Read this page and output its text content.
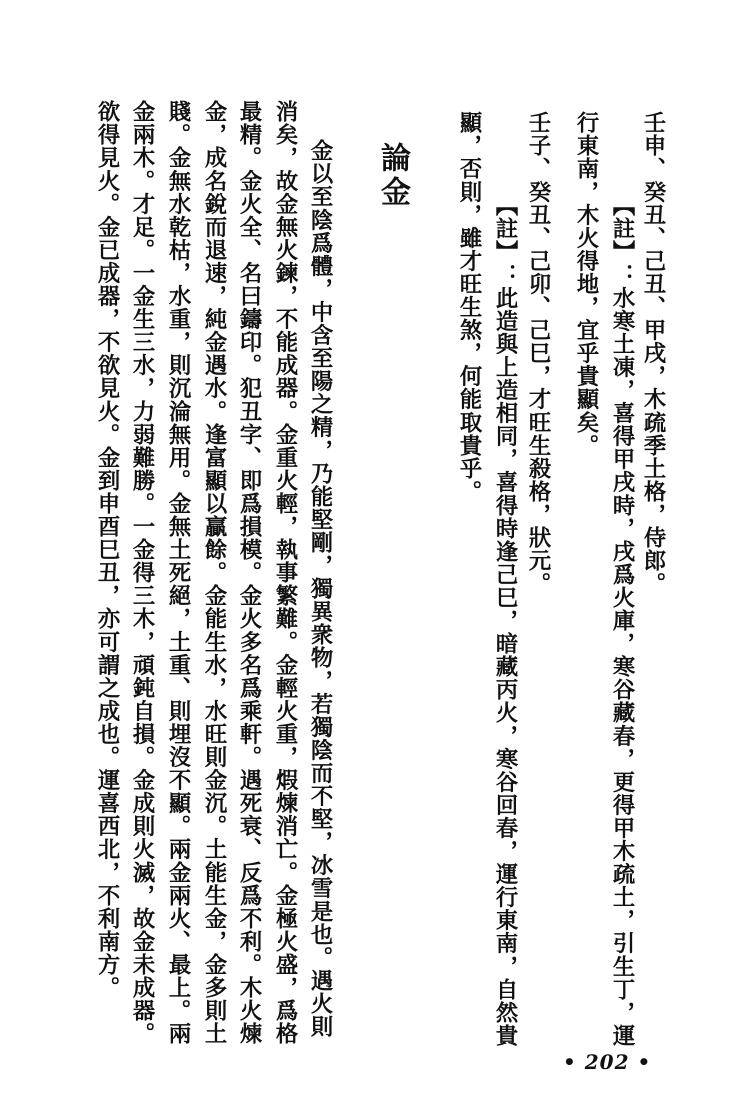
壬申、癸丑、己丑、甲戌，木疏季土格，侍郎。
【註】：水寒土凍，喜得甲戌時，戌爲火庫，寒谷藏春，更得甲木疏土，引生丁，運
行東南，木火得地，宜乎貴顯矣。
壬子、癸丑、己卯、己巳，才旺生殺格，狀元。
【註】：此造與上造相同，喜得時逢己巳，暗藏丙火，寒谷回春，運行東南，自然貴
顯，否則，雖才旺生煞，何能取貴乎。
論金
金以至陰爲體，中含至陽之精，乃能堅剛，獨異衆物，若獨陰而不堅，冰雪是也。遇火則
消矣，故金無火鍊，不能成器。金重火輕，執事繁難。金輕火重，煆煉消亡。金極火盛，爲格
最精。金火全、名曰鑄印。犯丑字、即爲損模。金火多名爲乘軒。遇死衰、反爲不利。木火煉
金，成名銳而退速，純金遇水。逢富顯以贏餘。金能生水，水旺則金沉。土能生金，金多則土
賤。金無水乾枯，水重，則沉淪無用。金無土死絕，土重、則埋沒不顯。兩金兩火、最上。兩
金兩木。才足。一金生三水，力弱難勝。一金得三木，頑鈍自損。金成則火滅，故金未成器。
欲得見火。金已成器，不欲見火。金到申酉巳丑，亦可謂之成也。運喜西北，不利南方。
• 202 •
